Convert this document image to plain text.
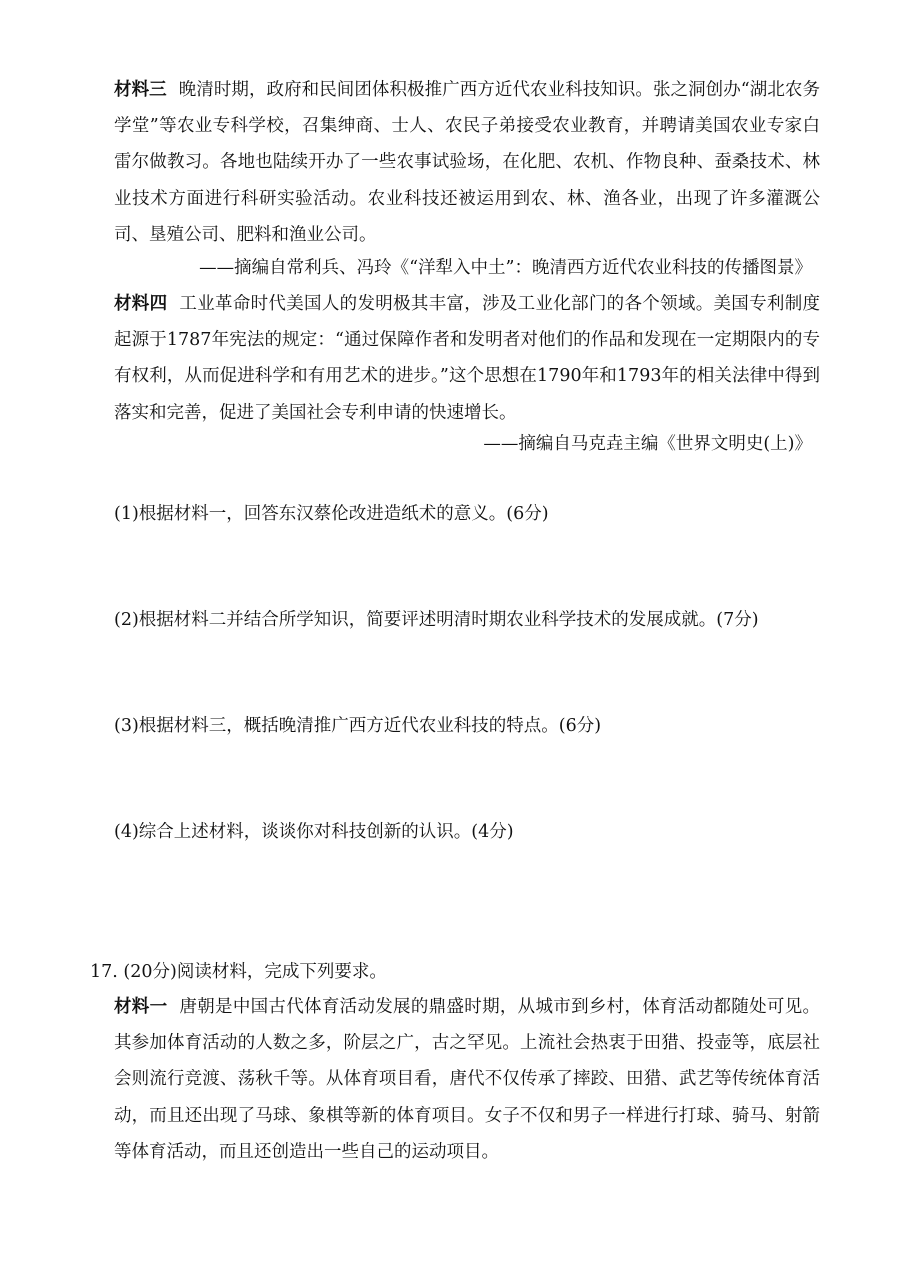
材料三 晚清时期，政府和民间团体积极推广西方近代农业科技知识。张之洞创办“湖北农务学堂”等农业专科学校，召集绅商、士人、农民子弟接受农业教育，并聘请美国农业专家白雷尔做教习。各地也陆续开办了一些农事试验场，在化肥、农机、作物良种、蚕桑技术、林业技术方面进行科研实验活动。农业科技还被运用到农、林、渔各业，出现了许多灌溉公司、垦殖公司、肥料和渔业公司。
——摘编自常利兵、冯玲《“洋犁入中土”：晚清西方近代农业科技的传播图景》
材料四 工业革命时代美国人的发明极其丰富，涉及工业化部门的各个领域。美国专利制度起源于1787年宪法的规定：“通过保障作者和发明者对他们的作品和发现在一定期限内的专有权利，从而促进科学和有用艺术的进步。”这个思想在1790年和1793年的相关法律中得到落实和完善，促进了美国社会专利申请的快速增长。
——摘编自马克垚主编《世界文明史(上)》
(1)根据材料一，回答东汉蔡伦改进造纸术的意义。(6分)
(2)根据材料二并结合所学知识，简要评述明清时期农业科学技术的发展成就。(7分)
(3)根据材料三，概括晚清推广西方近代农业科技的特点。(6分)
(4)综合上述材料，谈谈你对科技创新的认识。(4分)
17. (20分)阅读材料，完成下列要求。
材料一 唐朝是中国古代体育活动发展的鼎盛时期，从城市到乡村，体育活动都随处可见。其参加体育活动的人数之多，阶层之广，古之罕见。上流社会热衷于田猎、投壶等，底层社会则流行竞渡、荡秋千等。从体育项目看，唐代不仅传承了摔跤、田猎、武艺等传统体育活动，而且还出现了马球、象棋等新的体育项目。女子不仅和男子一样进行打球、骑马、射箭等体育活动，而且还创造出一些自己的运动项目。
